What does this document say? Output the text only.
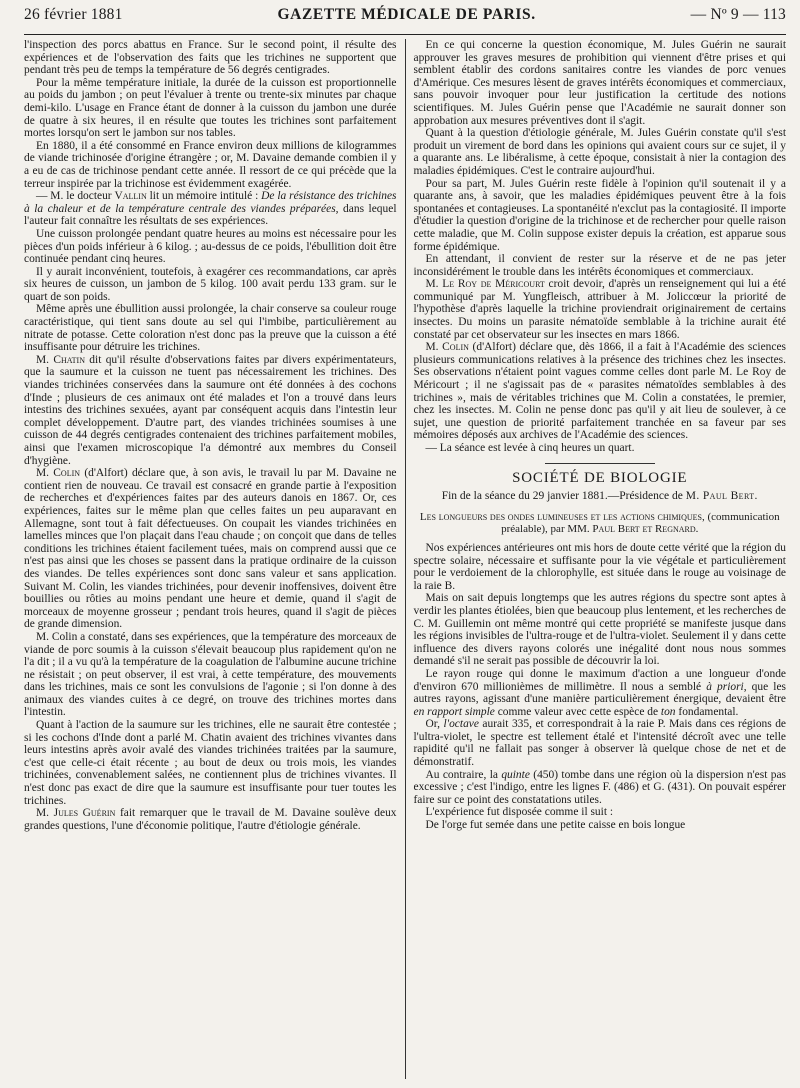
26 février 1881	GAZETTE MÉDICALE DE PARIS.	— Nº 9 — 113

l'inspection des porcs abattus en France. Sur le second point, il résulte des expériences et de l'observation des faits que les trichines ne supportent que pendant très peu de temps la température de 56 degrés centigrades.

Pour la même température initiale, la durée de la cuisson est proportionnelle au poids du jambon ; on peut l'évaluer à trente ou trente-six minutes par chaque demi-kilo. L'usage en France étant de donner à la cuisson du jambon une durée de quatre à six heures, il en résulte que toutes les trichines sont parfaitement mortes lorsqu'on sert le jambon sur nos tables.

En 1880, il a été consommé en France environ deux millions de kilogrammes de viande trichinosée d'origine étrangère ; or, M. Davaine demande combien il y a eu de cas de trichinose pendant cette année. Il ressort de ce qui précède que la terreur inspirée par la trichinose est évidemment exagérée.

— M. le docteur Vallin lit un mémoire intitulé : De la résistance des trichines à la chaleur et de la température centrale des viandes préparées, dans lequel l'auteur fait connaître les résultats de ses expériences.

Une cuisson prolongée pendant quatre heures au moins est nécessaire pour les pièces d'un poids inférieur à 6 kilog. ; au-dessus de ce poids, l'ébullition doit être continuée pendant cinq heures.

Il y aurait inconvénient, toutefois, à exagérer ces recommandations, car après six heures de cuisson, un jambon de 5 kilog. 100 avait perdu 133 gram. sur le quart de son poids.

Même après une ébullition aussi prolongée, la chair conserve sa couleur rouge caractéristique, qui tient sans doute au sel qui l'imbibe, particulièrement au nitrate de potasse. Cette coloration n'est donc pas la preuve que la cuisson a été insuffisante pour détruire les trichines.

M. Chatin dit qu'il résulte d'observations faites par divers expérimentateurs, que la saumure et la cuisson ne tuent pas nécessairement les trichines. Des viandes trichinées conservées dans la saumure ont été données à des cochons d'Inde ; plusieurs de ces animaux ont été malades et l'on a trouvé dans leurs intestins des trichines sexuées, ayant par conséquent acquis dans l'intestin leur complet développement. D'autre part, des viandes trichinées soumises à une cuisson de 44 degrés centigrades contenaient des trichines parfaitement mobiles, ainsi que l'examen microscopique l'a démontré aux membres du Conseil d'hygiène.

M. Colin (d'Alfort) déclare que, à son avis, le travail lu par M. Davaine ne contient rien de nouveau. Ce travail est consacré en grande partie à l'exposition de recherches et d'expériences faites par des auteurs danois en 1867. Or, ces expériences, faites sur le même plan que celles faites un peu auparavant en Allemagne, sont tout à fait défectueuses. On coupait les viandes trichinées en lamelles minces que l'on plaçait dans l'eau chaude ; on conçoit que dans de telles conditions les trichines étaient facilement tuées, mais on comprend aussi que ce n'est pas ainsi que les choses se passent dans la pratique ordinaire de la cuisson des viandes. De telles expériences sont donc sans valeur et sans application. Suivant M. Colin, les viandes trichinées, pour devenir inoffensives, doivent être bouillies ou rôties au moins pendant une heure et demie, quand il s'agit de morceaux de moyenne grosseur ; pendant trois heures, quand il s'agit de pièces de grande dimension.

M. Colin a constaté, dans ses expériences, que la température des morceaux de viande de porc soumis à la cuisson s'élevait beaucoup plus rapidement qu'on ne l'a dit ; il a vu qu'à la température de la coagulation de l'albumine aucune trichine ne résistait ; on peut observer, il est vrai, à cette température, des mouvements dans les trichines, mais ce sont les convulsions de l'agonie ; si l'on donne à des animaux des viandes cuites à ce degré, on trouve des trichines mortes dans l'intestin.

Quant à l'action de la saumure sur les trichines, elle ne saurait être contestée ; si les cochons d'Inde dont a parlé M. Chatin avaient des trichines vivantes dans leurs intestins après avoir avalé des viandes trichinées traitées par la saumure, c'est que celle-ci était récente ; au bout de deux ou trois mois, les viandes trichinées, convenablement salées, ne contiennent plus de trichines vivantes. Il n'est donc pas exact de dire que la saumure est insuffisante pour tuer toutes les trichines.

M. Jules Guérin fait remarquer que le travail de M. Davaine soulève deux grandes questions, l'une d'économie politique, l'autre d'étiologie générale.

En ce qui concerne la question économique, M. Jules Guérin ne saurait approuver les graves mesures de prohibition qui viennent d'être prises et qui semblent établir des cordons sanitaires contre les viandes de porc venues d'Amérique. Ces mesures lèsent de graves intérêts économiques et commerciaux, sans pouvoir invoquer pour leur justification la certitude des notions scientifiques. M. Jules Guérin pense que l'Académie ne saurait donner son approbation aux mesures préventives dont il s'agit.

Quant à la question d'étiologie générale, M. Jules Guérin constate qu'il s'est produit un virement de bord dans les opinions qui avaient cours sur ce sujet, il y a quarante ans. Le libéralisme, à cette époque, consistait à nier la contagion des maladies épidémiques. C'est le contraire aujourd'hui.

Pour sa part, M. Jules Guérin reste fidèle à l'opinion qu'il soutenait il y a quarante ans, à savoir, que les maladies épidémiques peuvent être à la fois spontanées et contagieuses. La spontanéité n'exclut pas la contagiosité. Il importe d'étudier la question d'origine de la trichinose et de rechercher pour quelle raison cette maladie, que M. Colin suppose exister depuis la création, est apparue sous forme épidémique.

En attendant, il convient de rester sur la réserve et de ne pas jeter inconsidérément le trouble dans les intérêts économiques et commerciaux.

M. Le Roy de Méricourt croit devoir, d'après un renseignement qui lui a été communiqué par M. Yungfleisch, attribuer à M. Joliccœur la priorité de l'hypothèse d'après laquelle la trichine proviendrait originairement de certains insectes. Du moins un parasite nématoïde semblable à la trichine aurait été constaté par cet observateur sur les insectes en mars 1866.

M. Colin (d'Alfort) déclare que, dès 1866, il a fait à l'Académie des sciences plusieurs communications relatives à la présence des trichines chez les insectes. Ses observations n'étaient point vagues comme celles dont parle M. Le Roy de Méricourt ; il ne s'agissait pas de « parasites nématoïdes semblables à des trichines », mais de véritables trichines que M. Colin a constatées, le premier, chez les insectes. M. Colin ne pense donc pas qu'il y ait lieu de soulever, à ce sujet, une question de priorité parfaitement tranchée en sa faveur par ses mémoires déposés aux archives de l'Académie des sciences.

— La séance est levée à cinq heures un quart.

SOCIÉTÉ DE BIOLOGIE
Fin de la séance du 29 janvier 1881.—Présidence de M. Paul Bert.

Les longueurs des ondes lumineuses et les actions chimiques, (communication préalable), par MM. Paul Bert et Regnard.

Nos expériences antérieures ont mis hors de doute cette vérité que la région du spectre solaire, nécessaire et suffisante pour la vie végétale et particulièrement pour le verdoiement de la chlorophylle, est située dans le rouge au voisinage de la raie B.

Mais on sait depuis longtemps que les autres régions du spectre sont aptes à verdir les plantes étiolées, bien que beaucoup plus lentement, et les recherches de C. M. Guillemin ont même montré qui cette propriété se manifeste jusque dans les régions invisibles de l'ultra-rouge et de l'ultra-violet. Seulement il y dans cette influence des divers rayons colorés une inégalité dont nous nous sommes demandé s'il ne serait pas possible de découvrir la loi.

Le rayon rouge qui donne le maximum d'action a une longueur d'onde d'environ 670 millionièmes de millimètre. Il nous a semblé à priori, que les autres rayons, agissant d'une manière particulièrement énergique, devaient être en rapport simple comme valeur avec cette espèce de ton fondamental.

Or, l'octave aurait 335, et correspondrait à la raie P. Mais dans ces régions de l'ultra-violet, le spectre est tellement étalé et l'intensité décroît avec une telle rapidité qu'il ne fallait pas songer à observer là quelque chose de net et de démonstratif.

Au contraire, la quinte (450) tombe dans une région où la dispersion n'est pas excessive ; c'est l'indigo, entre les lignes F. (486) et G. (431). On pouvait espérer faire sur ce point des constatations utiles.

L'expérience fut disposée comme il suit :

De l'orge fut semée dans une petite caisse en bois longue
